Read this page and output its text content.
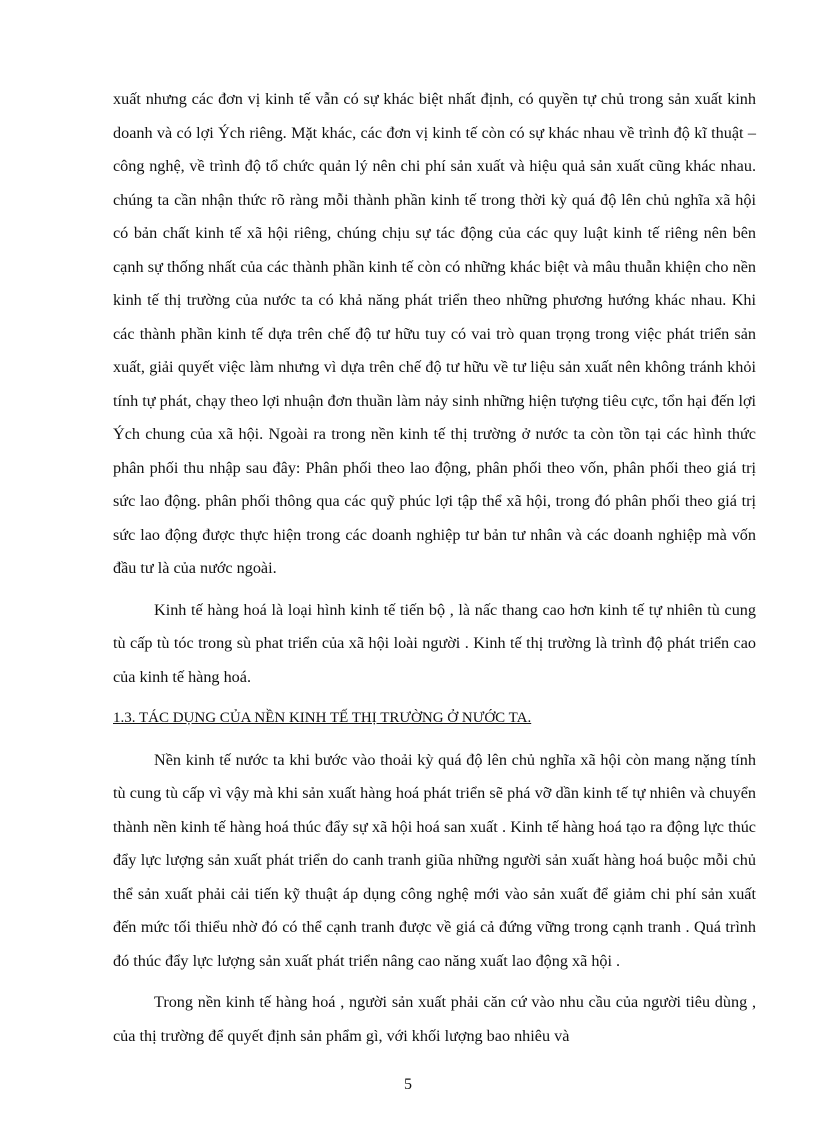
xuất nhưng các đơn vị kinh tế vẫn có sự khác biệt nhất định, có quyền tự chủ trong sản xuất kinh doanh và có lợi Ých riêng. Mặt khác, các đơn vị kinh tế còn có sự khác nhau về trình độ kĩ thuật – công nghệ, về trình độ tổ chức quản lý nên chi phí sản xuất và hiệu quả sản xuất cũng khác nhau. chúng ta cần nhận thức rõ ràng mỗi thành phần kinh tế trong thời kỳ quá độ lên chủ nghĩa xã hội có bản chất kinh tế xã hội riêng, chúng chịu sự tác động của các quy luật kinh tế riêng nên bên cạnh sự thống nhất của các thành phần kinh tế còn có những khác biệt và mâu thuẫn khiện cho nền kinh tế thị trường của nước ta có khả năng phát triển theo những phương hướng khác nhau. Khi các thành phần kinh tế dựa trên chế độ tư hữu tuy có vai trò quan trọng trong việc phát triển sản xuất, giải quyết việc làm nhưng vì dựa trên chế độ tư hữu về tư liệu sản xuất nên không tránh khỏi tính tự phát, chạy theo lợi nhuận đơn thuần làm nảy sinh những hiện tượng tiêu cực, tổn hại đến lợi Ých chung của xã hội. Ngoài ra trong nền kinh tế thị trường ở nước ta còn tồn tại các hình thức phân phối thu nhập sau đây: Phân phối theo lao động, phân phối theo vốn, phân phối theo giá trị sức lao động. phân phối thông qua các quỹ phúc lợi tập thể xã hội, trong đó phân phối theo giá trị sức lao động được thực hiện trong các doanh nghiệp tư bản tư nhân và các doanh nghiệp mà vốn đầu tư là của nước ngoài.

Kinh tế hàng hoá là loại hình kinh tế tiến bộ , là nấc thang cao hơn kinh tế tự nhiên tù cung tù cấp tù tóc trong sù phat triển của xã hội loài người . Kinh tế thị trường là trình độ phát triển cao của kinh tế hàng hoá.

1.3. TÁC DỤNG CỦA NỀN KINH TẾ THỊ TRƯỜNG Ở NƯỚC TA.

Nền kinh tế nước ta khi bước vào thoải kỳ quá độ lên chủ nghĩa xã hội còn mang nặng tính tù cung tù cấp vì vậy mà khi sản xuất hàng hoá phát triển sẽ phá vỡ dần kinh tế tự nhiên và chuyển thành nền kinh tế hàng hoá thúc đẩy sự xã hội hoá san xuất . Kinh tế hàng hoá tạo ra động lực thúc đẩy lực lượng sản xuất phát triển do canh tranh giũa những người sản xuất hàng hoá buộc mỗi chủ thể sản xuất phải cải tiến kỹ thuật áp dụng công nghệ mới vào sản xuất để giảm chi phí sản xuất đến mức tối thiểu nhờ đó có thể cạnh tranh được về giá cả đứng vững trong cạnh tranh . Quá trình đó thúc đẩy lực lượng sản xuất phát triển nâng cao năng xuất lao động xã hội .

Trong nền kinh tế hàng hoá , người sản xuất phải căn cứ vào nhu cầu của người tiêu dùng , của thị trường để quyết định sản phẩm gì, với khối lượng bao nhiêu và

5
